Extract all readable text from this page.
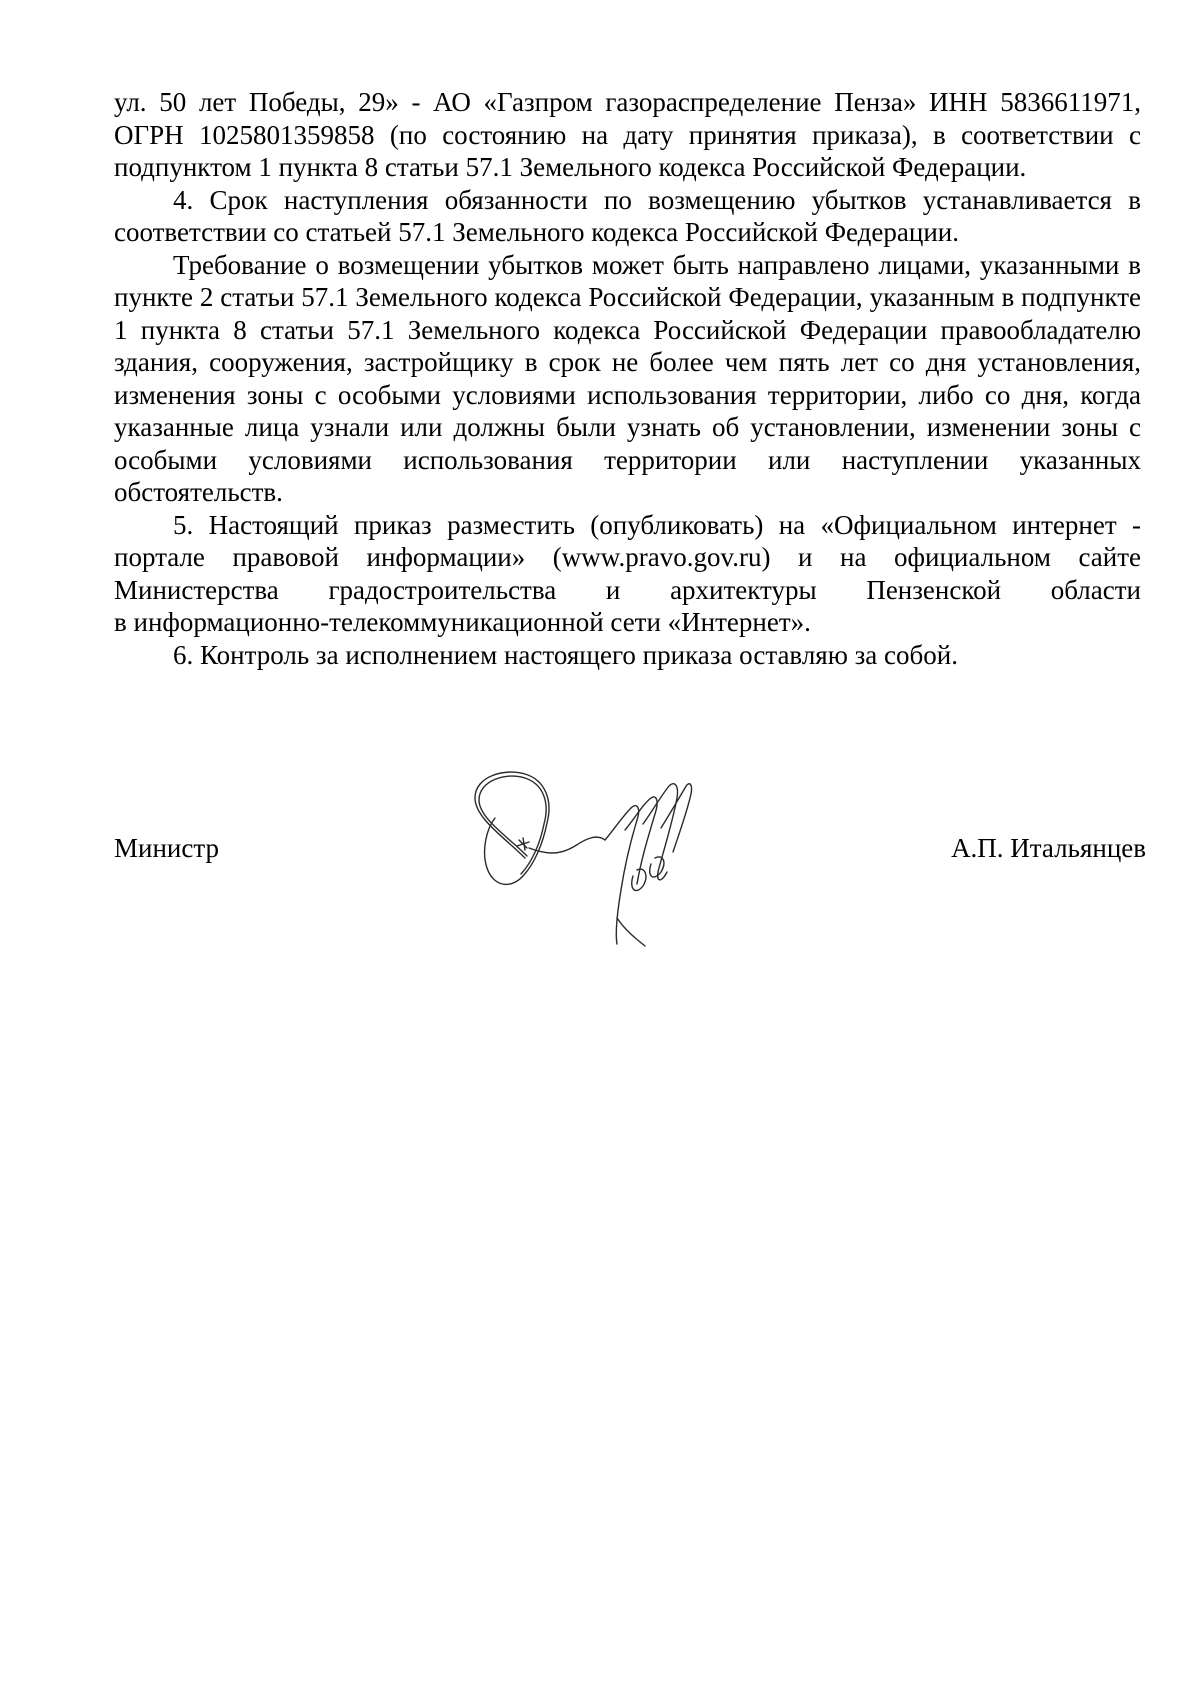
ул. 50 лет Победы, 29» - АО «Газпром газораспределение Пенза» ИНН 5836611971, ОГРН 1025801359858 (по состоянию на дату принятия приказа), в соответствии с подпунктом 1 пункта 8 статьи 57.1 Земельного кодекса Российской Федерации.

4. Срок наступления обязанности по возмещению убытков устанавливается в соответствии со статьей 57.1 Земельного кодекса Российской Федерации.

Требование о возмещении убытков может быть направлено лицами, указанными в пункте 2 статьи 57.1 Земельного кодекса Российской Федерации, указанным в подпункте 1 пункта 8 статьи 57.1 Земельного кодекса Российской Федерации правообладателю здания, сооружения, застройщику в срок не более чем пять лет со дня установления, изменения зоны с особыми условиями использования территории, либо со дня, когда указанные лица узнали или должны были узнать об установлении, изменении зоны с особыми условиями использования территории или наступлении указанных обстоятельств.

5. Настоящий приказ разместить (опубликовать) на «Официальном интернет - портале правовой информации» (www.pravo.gov.ru) и на официальном сайте Министерства градостроительства и архитектуры Пензенской области

в информационно-телекоммуникационной сети «Интернет».

6. Контроль за исполнением настоящего приказа оставляю за собой.

Министр	А.П. Итальянцев
